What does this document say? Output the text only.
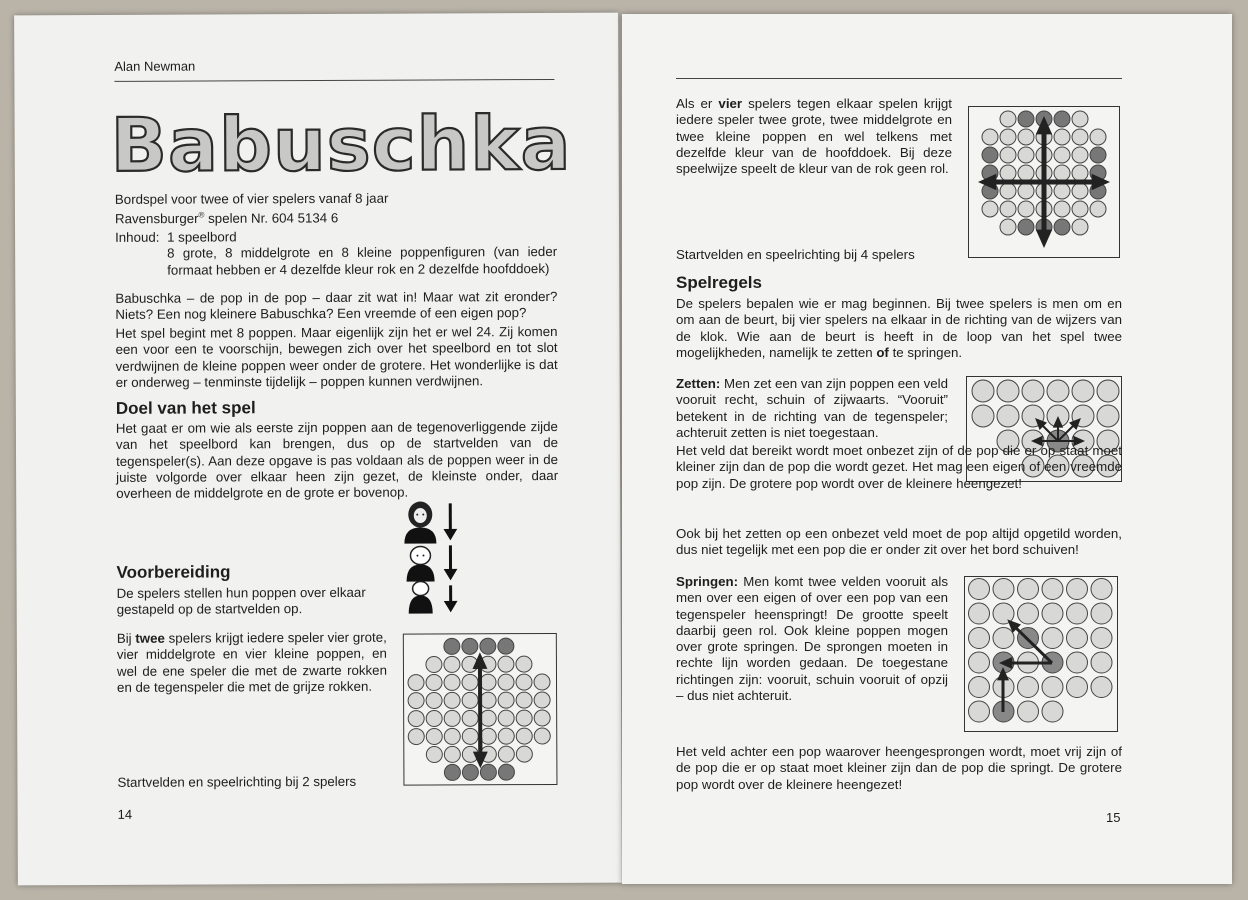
Alan Newman
Babuschka
Bordspel voor twee of vier spelers vanaf 8 jaar
Ravensburger® spelen Nr. 604 5134 6
Inhoud: 1 speelbord
8 grote, 8 middelgrote en 8 kleine poppenfiguren (van ieder formaat hebben er 4 dezelfde kleur rok en 2 dezelfde hoofddoek)
Babuschka – de pop in de pop – daar zit wat in! Maar wat zit eronder? Niets? Een nog kleinere Babuschka? Een vreemde of een eigen pop?
Het spel begint met 8 poppen. Maar eigenlijk zijn het er wel 24. Zij komen een voor een te voorschijn, bewegen zich over het speelbord en tot slot verdwijnen de kleine poppen weer onder de grotere. Het wonderlijke is dat er onderweg – tenminste tijdelijk – poppen kunnen verdwijnen.
Doel van het spel
Het gaat er om wie als eerste zijn poppen aan de tegenoverliggende zijde van het speelbord kan brengen, dus op de startvelden van de tegenspeler(s). Aan deze opgave is pas voldaan als de poppen weer in de juiste volgorde over elkaar heen zijn gezet, de kleinste onder, daar overheen de middelgrote en de grote er bovenop.
Voorbereiding
De spelers stellen hun poppen over elkaar gestapeld op de startvelden op.
Bij twee spelers krijgt iedere speler vier grote, vier middelgrote en vier kleine poppen, en wel de ene speler die met de zwarte rokken en de tegenspeler die met de grijze rokken.
Startvelden en speelrichting bij 2 spelers
14
Als er vier spelers tegen elkaar spelen krijgt iedere speler twee grote, twee middelgrote en twee kleine poppen en wel telkens met dezelfde kleur van de hoofddoek. Bij deze speelwijze speelt de kleur van de rok geen rol.
Startvelden en speelrichting bij 4 spelers
Spelregels
De spelers bepalen wie er mag beginnen. Bij twee spelers is men om en om aan de beurt, bij vier spelers na elkaar in de richting van de wijzers van de klok. Wie aan de beurt is heeft in de loop van het spel twee mogelijkheden, namelijk te zetten of te springen.
Zetten: Men zet een van zijn poppen een veld vooruit recht, schuin of zijwaarts. “Vooruit” betekent in de richting van de tegenspeler; achteruit zetten is niet toegestaan.
Het veld dat bereikt wordt moet onbezet zijn of de pop die er op staat moet kleiner zijn dan de pop die wordt gezet. Het mag een eigen of een vreemde pop zijn. De grotere pop wordt over de kleinere heengezet!
Ook bij het zetten op een onbezet veld moet de pop altijd opgetild worden, dus niet tegelijk met een pop die er onder zit over het bord schuiven!
Springen: Men komt twee velden vooruit als men over een eigen of over een pop van een tegenspeler heenspringt! De grootte speelt daarbij geen rol. Ook kleine poppen mogen over grote springen. De sprongen moeten in rechte lijn worden gedaan. De toegestane richtingen zijn: vooruit, schuin vooruit of opzij – dus niet achteruit.
Het veld achter een pop waarover heengesprongen wordt, moet vrij zijn of de pop die er op staat moet kleiner zijn dan de pop die springt. De grotere pop wordt over de kleinere heengezet!
15
